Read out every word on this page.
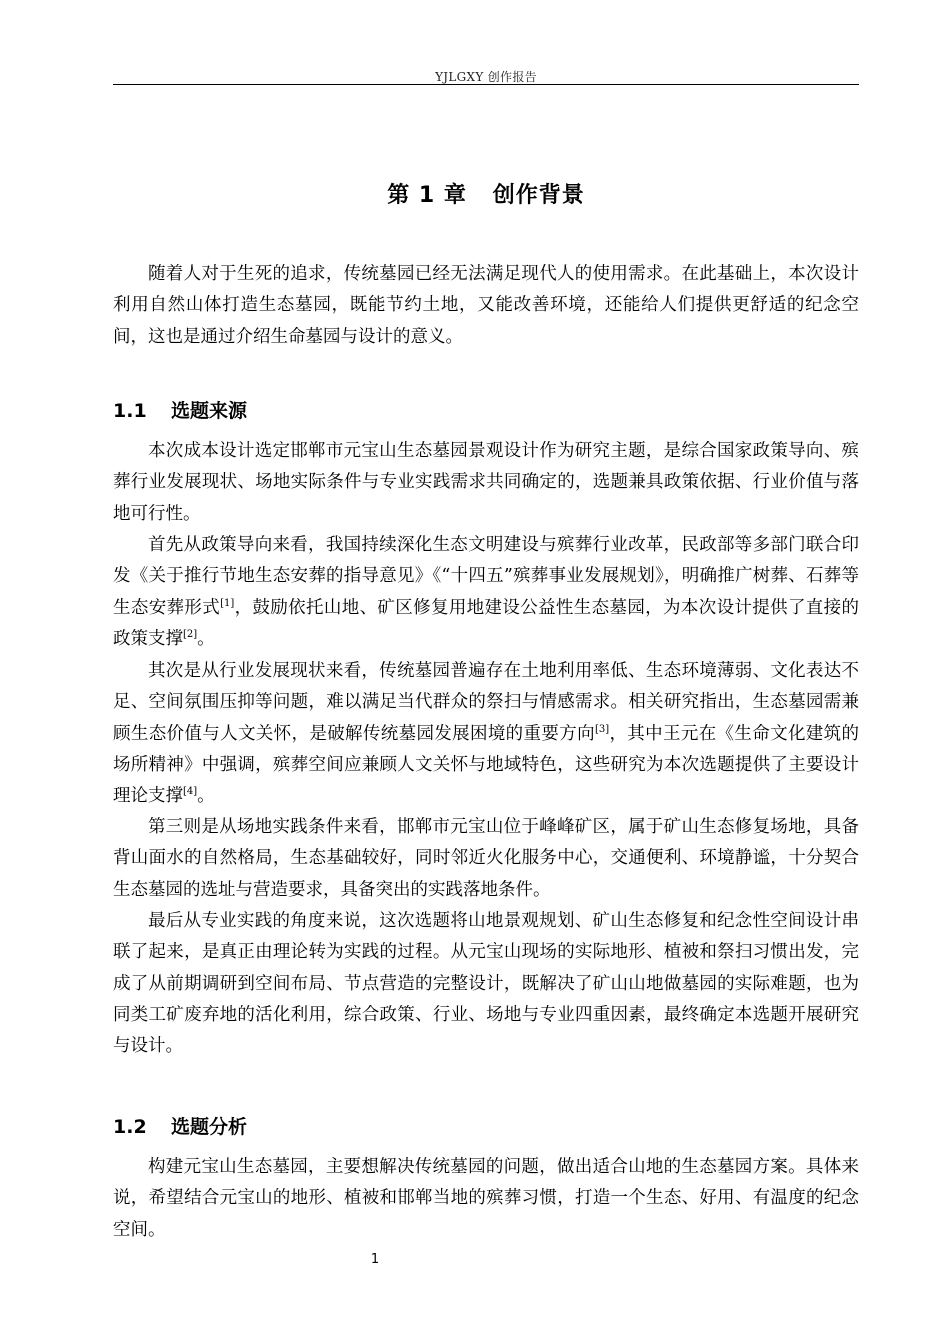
YJLGXY 创作报告
第 1 章   创作背景

随着人对于生死的追求，传统墓园已经无法满足现代人的使用需求。在此基础上，本次设计利用自然山体打造生态墓园，既能节约土地，又能改善环境，还能给人们提供更舒适的纪念空间，这也是通过介绍生命墓园与设计的意义。

1.1 选题来源

本次成本设计选定邯郸市元宝山生态墓园景观设计作为研究主题，是综合国家政策导向、殡葬行业发展现状、场地实际条件与专业实践需求共同确定的，选题兼具政策依据、行业价值与落地可行性。

首先从政策导向来看，我国持续深化生态文明建设与殡葬行业改革，民政部等多部门联合印发《关于推行节地生态安葬的指导意见》《“十四五”殡葬事业发展规划》，明确推广树葬、石葬等生态安葬形式[1]，鼓励依托山地、矿区修复用地建设公益性生态墓园，为本次设计提供了直接的政策支撑[2]。

其次是从行业发展现状来看，传统墓园普遍存在土地利用率低、生态环境薄弱、文化表达不足、空间氛围压抑等问题，难以满足当代群众的祭扫与情感需求。相关研究指出，生态墓园需兼顾生态价值与人文关怀，是破解传统墓园发展困境的重要方向[3]，其中王元在《生命文化建筑的场所精神》中强调，殡葬空间应兼顾人文关怀与地域特色，这些研究为本次选题提供了主要设计理论支撑[4]。

第三则是从场地实践条件来看，邯郸市元宝山位于峰峰矿区，属于矿山生态修复场地，具备背山面水的自然格局，生态基础较好，同时邻近火化服务中心，交通便利、环境静谧，十分契合生态墓园的选址与营造要求，具备突出的实践落地条件。

最后从专业实践的角度来说，这次选题将山地景观规划、矿山生态修复和纪念性空间设计串联了起来，是真正由理论转为实践的过程。从元宝山现场的实际地形、植被和祭扫习惯出发，完成了从前期调研到空间布局、节点营造的完整设计，既解决了矿山山地做墓园的实际难题，也为同类工矿废弃地的活化利用，综合政策、行业、场地与专业四重因素，最终确定本选题开展研究与设计。

1.2 选题分析

构建元宝山生态墓园，主要想解决传统墓园的问题，做出适合山地的生态墓园方案。具体来说，希望结合元宝山的地形、植被和邯郸当地的殡葬习惯，打造一个生态、好用、有温度的纪念空间。

1
